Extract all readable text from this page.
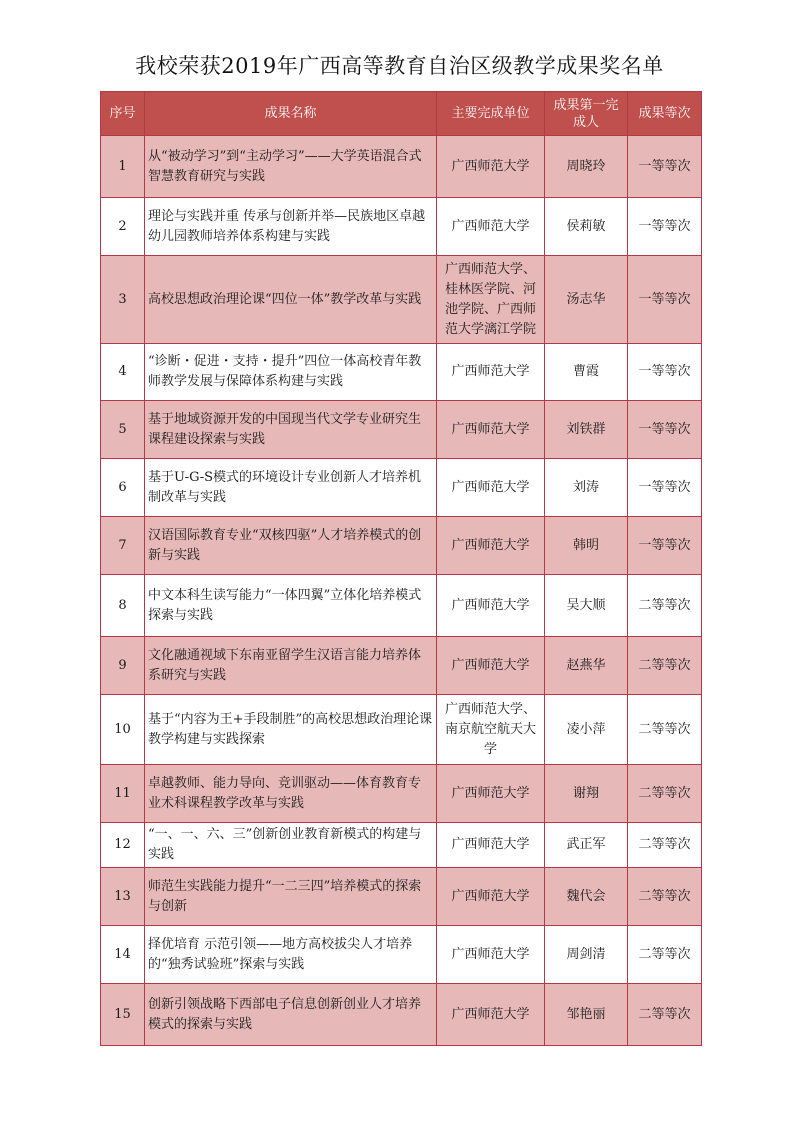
我校荣获2019年广西高等教育自治区级教学成果奖名单
序号	成果名称	主要完成单位	成果第一完成人	成果等次
1	从“被动学习”到“主动学习”——大学英语混合式智慧教育研究与实践	广西师范大学	周晓玲	一等等次
2	理论与实践并重 传承与创新并举—民族地区卓越幼儿园教师培养体系构建与实践	广西师范大学	侯莉敏	一等等次
3	高校思想政治理论课“四位一体”教学改革与实践	广西师范大学、
桂林医学院、河
池学院、广西师
范大学漓江学院	汤志华	一等等次
4	“诊断・促进・支持・提升”四位一体高校青年教师教学发展与保障体系构建与实践	广西师范大学	曹霞	一等等次
5	基于地域资源开发的中国现当代文学专业研究生课程建设探索与实践	广西师范大学	刘铁群	一等等次
6	基于U-G-S模式的环境设计专业创新人才培养机制改革与实践	广西师范大学	刘涛	一等等次
7	汉语国际教育专业“双核四驱”人才培养模式的创新与实践	广西师范大学	韩明	一等等次
8	中文本科生读写能力“一体四翼”立体化培养模式探索与实践	广西师范大学	吴大顺	二等等次
9	文化融通视域下东南亚留学生汉语言能力培养体系研究与实践	广西师范大学	赵燕华	二等等次
10	基于“内容为王+手段制胜”的高校思想政治理论课教学构建与实践探索	广西师范大学、
南京航空航天大
学	凌小萍	二等等次
11	卓越教师、能力导向、竞训驱动——体育教育专业术科课程教学改革与实践	广西师范大学	谢翔	二等等次
12	“一、一、六、三”创新创业教育新模式的构建与实践	广西师范大学	武正军	二等等次
13	师范生实践能力提升“一二三四”培养模式的探索与创新	广西师范大学	魏代会	二等等次
14	择优培育 示范引领——地方高校拔尖人才培养的“独秀试验班”探索与实践	广西师范大学	周剑清	二等等次
15	创新引领战略下西部电子信息创新创业人才培养模式的探索与实践	广西师范大学	邹艳丽	二等等次
